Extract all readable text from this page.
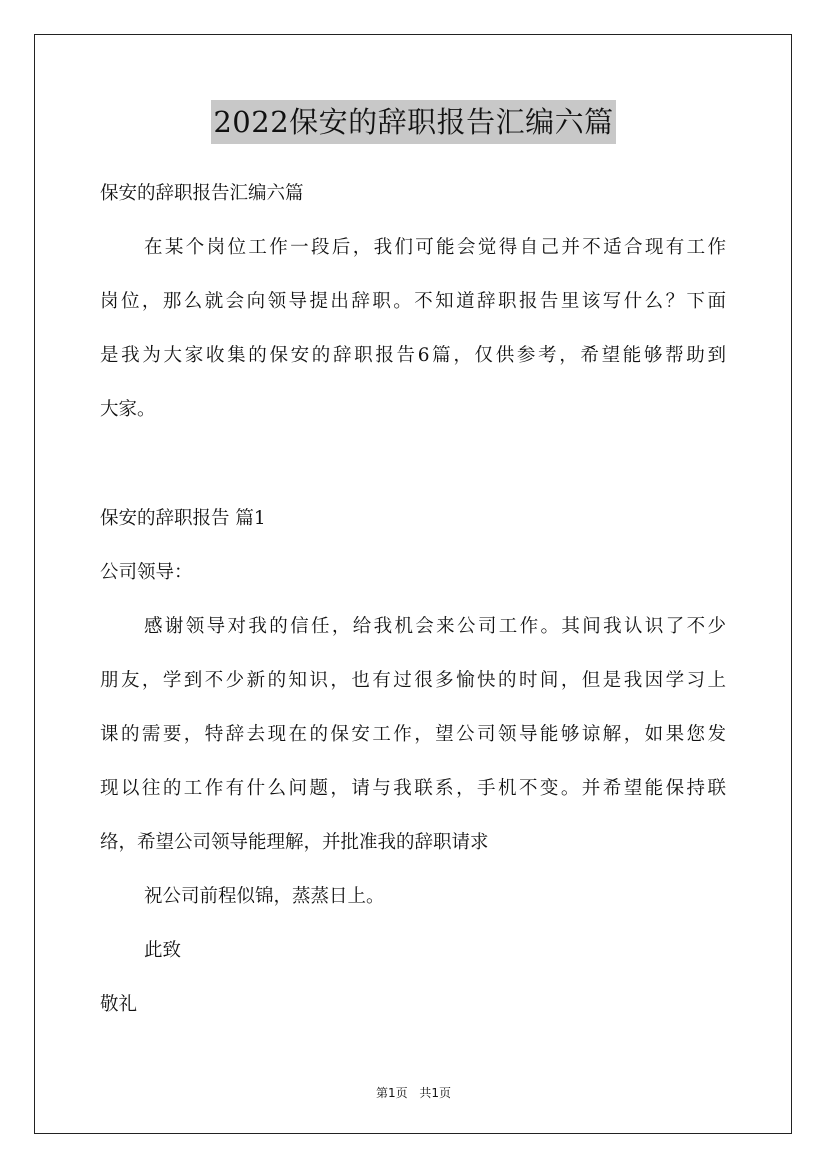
2022保安的辞职报告汇编六篇
保安的辞职报告汇编六篇
在某个岗位工作一段后，我们可能会觉得自己并不适合现有工作
岗位，那么就会向领导提出辞职。不知道辞职报告里该写什么？下面
是我为大家收集的保安的辞职报告6篇，仅供参考，希望能够帮助到
大家。
保安的辞职报告 篇1
公司领导：
感谢领导对我的信任，给我机会来公司工作。其间我认识了不少
朋友，学到不少新的知识，也有过很多愉快的时间，但是我因学习上
课的需要，特辞去现在的保安工作，望公司领导能够谅解，如果您发
现以往的工作有什么问题，请与我联系，手机不变。并希望能保持联
络，希望公司领导能理解，并批准我的辞职请求
祝公司前程似锦，蒸蒸日上。
此致
敬礼
第1页 共1页
